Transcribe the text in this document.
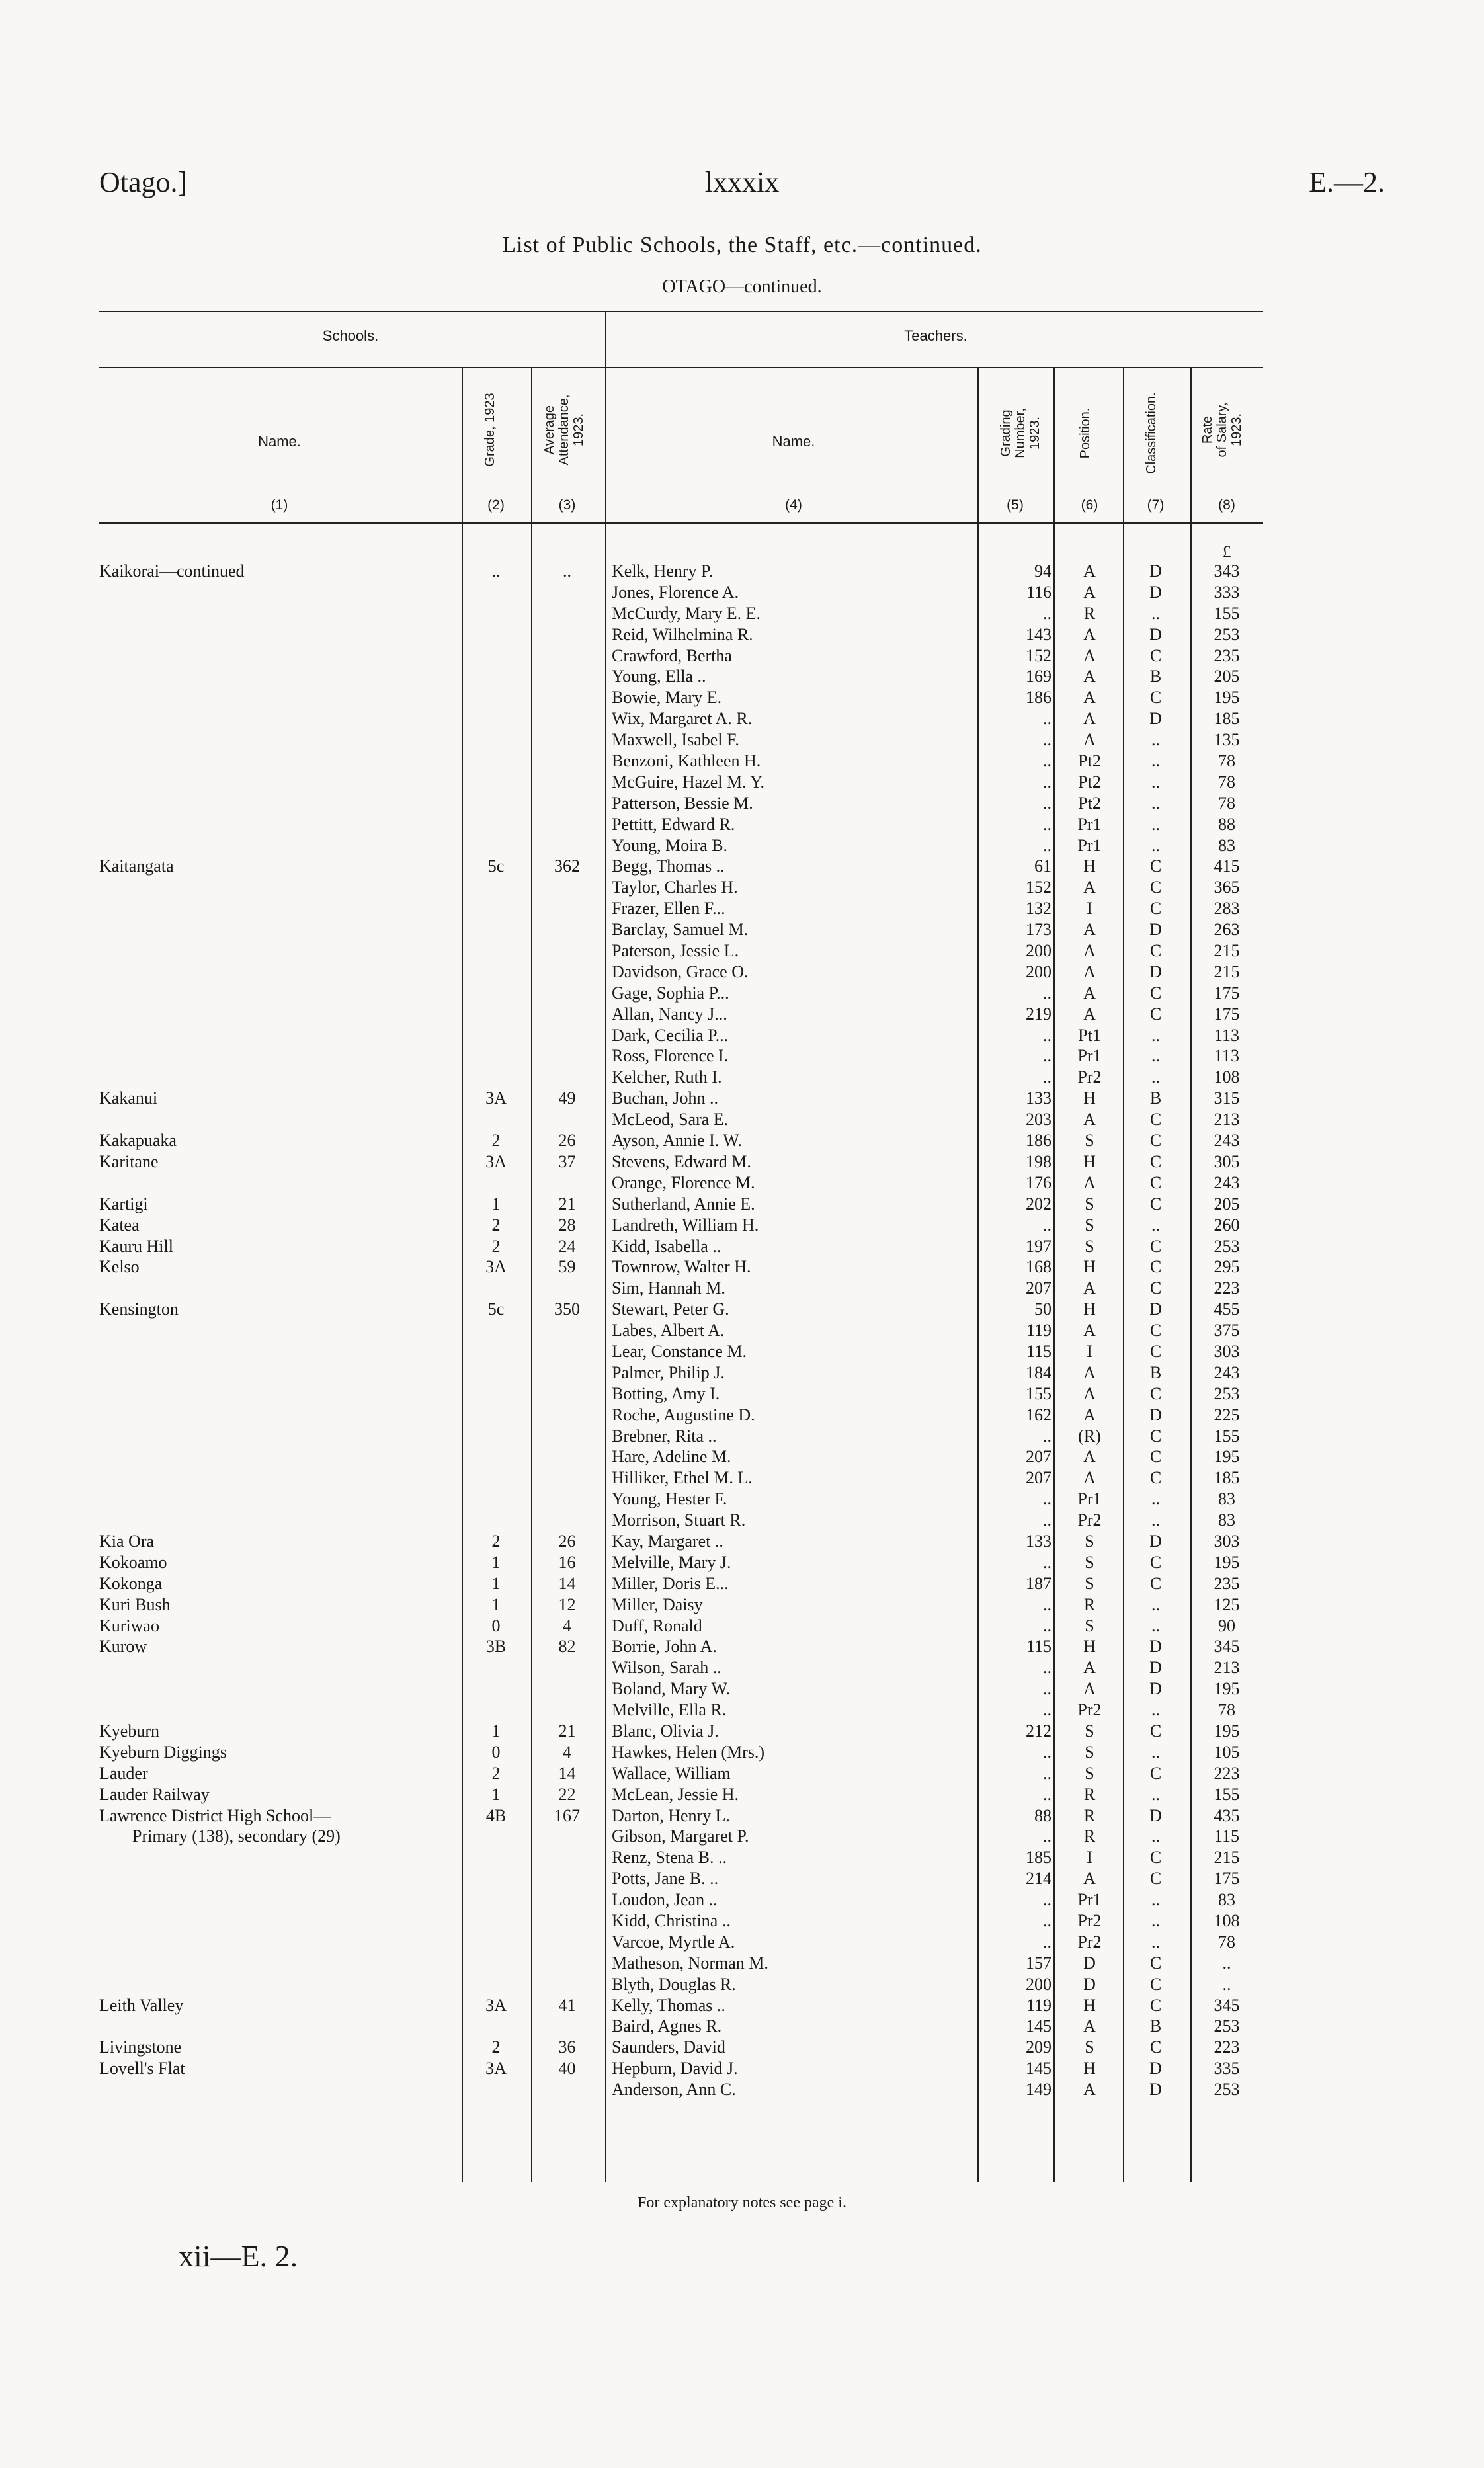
Otago.]	lxxxix	E.—2.
List of Public Schools, the Staff, etc.—continued.
OTAGO—continued.
Schools.	Teachers.
Name.	Grade, 1923	Average
Attendance,
1923.	Name.	Grading
Number, 1923.	Position.	Classification.	Rate
of Salary,
1923.
(1)	(2)	(3)	(4)	(5)	(6)	(7)	(8)
£
Kaikorai—continued	..	..	Kelk, Henry P.	94	A	D	343
Jones, Florence A.	116	A	D	333
McCurdy, Mary E. E.	..	R	..	155
Reid, Wilhelmina R.	143	A	D	253
Crawford, Bertha	152	A	C	235
Young, Ella ..	169	A	B	205
Bowie, Mary E.	186	A	C	195
Wix, Margaret A. R.	..	A	D	185
Maxwell, Isabel F.	..	A	..	135
Benzoni, Kathleen H.	..	Pt2	..	78
McGuire, Hazel M. Y.	..	Pt2	..	78
Patterson, Bessie M.	..	Pt2	..	78
Pettitt, Edward R.	..	Pr1	..	88
Young, Moira B.	..	Pr1	..	83
Kaitangata	5c	362	Begg, Thomas ..	61	H	C	415
Taylor, Charles H.	152	A	C	365
Frazer, Ellen F...	132	I	C	283
Barclay, Samuel M.	173	A	D	263
Paterson, Jessie L.	200	A	C	215
Davidson, Grace O.	200	A	D	215
Gage, Sophia P...	..	A	C	175
Allan, Nancy J...	219	A	C	175
Dark, Cecilia P...	..	Pt1	..	113
Ross, Florence I.	..	Pr1	..	113
Kelcher, Ruth I.	..	Pr2	..	108
Kakanui	3A	49	Buchan, John ..	133	H	B	315
McLeod, Sara E.	203	A	C	213
Kakapuaka	2	26	Ayson, Annie I. W.	186	S	C	243
Karitane	3A	37	Stevens, Edward M.	198	H	C	305
Orange, Florence M.	176	A	C	243
Kartigi	1	21	Sutherland, Annie E.	202	S	C	205
Katea	2	28	Landreth, William H.	..	S	..	260
Kauru Hill	2	24	Kidd, Isabella ..	197	S	C	253
Kelso	3A	59	Townrow, Walter H.	168	H	C	295
Sim, Hannah M.	207	A	C	223
Kensington	5c	350	Stewart, Peter G.	50	H	D	455
Labes, Albert A.	119	A	C	375
Lear, Constance M.	115	I	C	303
Palmer, Philip J.	184	A	B	243
Botting, Amy I.	155	A	C	253
Roche, Augustine D.	162	A	D	225
Brebner, Rita ..	..	(R)	C	155
Hare, Adeline M.	207	A	C	195
Hilliker, Ethel M. L.	207	A	C	185
Young, Hester F.	..	Pr1	..	83
Morrison, Stuart R.	..	Pr2	..	83
Kia Ora	2	26	Kay, Margaret ..	133	S	D	303
Kokoamo	1	16	Melville, Mary J.	..	S	C	195
Kokonga	1	14	Miller, Doris E...	187	S	C	235
Kuri Bush	1	12	Miller, Daisy	..	R	..	125
Kuriwao	0	4	Duff, Ronald	..	S	..	90
Kurow	3B	82	Borrie, John A.	115	H	D	345
Wilson, Sarah ..	..	A	D	213
Boland, Mary W.	..	A	D	195
Melville, Ella R.	..	Pr2	..	78
Kyeburn	1	21	Blanc, Olivia J.	212	S	C	195
Kyeburn Diggings	0	4	Hawkes, Helen (Mrs.)	..	S	..	105
Lauder	2	14	Wallace, William	..	S	C	223
Lauder Railway	1	22	McLean, Jessie H.	..	R	..	155
Lawrence District High School—	4B	167	Darton, Henry L.	88	R	D	435
Primary (138), secondary (29)	Gibson, Margaret P.	..	R	..	115
Renz, Stena B. ..	185	I	C	215
Potts, Jane B. ..	214	A	C	175
Loudon, Jean ..	..	Pr1	..	83
Kidd, Christina ..	..	Pr2	..	108
Varcoe, Myrtle A.	..	Pr2	..	78
Matheson, Norman M.	157	D	C	..
Blyth, Douglas R.	200	D	C	..
Leith Valley	3A	41	Kelly, Thomas ..	119	H	C	345
Baird, Agnes R.	145	A	B	253
Livingstone	2	36	Saunders, David	209	S	C	223
Lovell's Flat	3A	40	Hepburn, David J.	145	H	D	335
Anderson, Ann C.	149	A	D	253
For explanatory notes see page i.
xii—E. 2.
